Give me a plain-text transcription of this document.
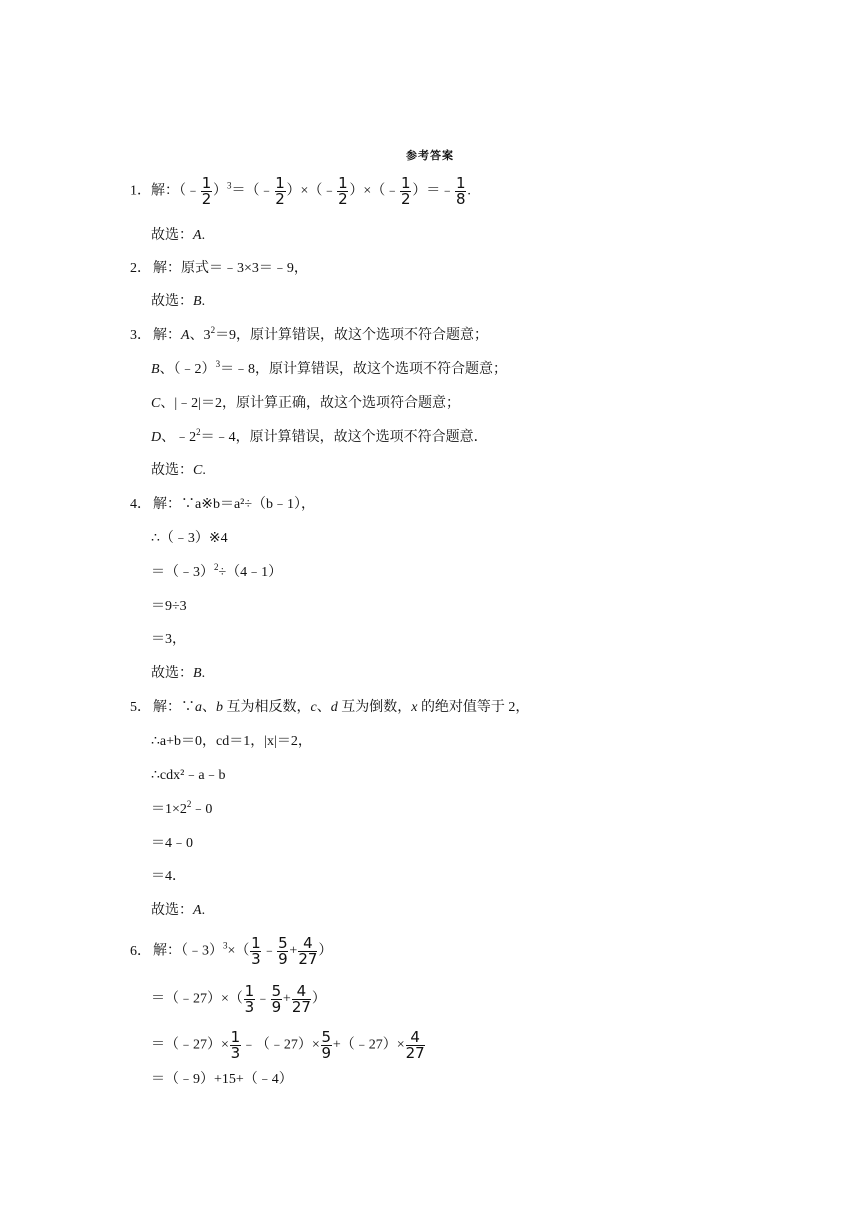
参考答案
1．解：（﹣ $\frac{1}{2}$ ）$^3$＝（﹣ $\frac{1}{2}$ ）×（﹣ $\frac{1}{2}$ ）×（﹣ $\frac{1}{2}$ ）＝﹣ $\frac{1}{8}$ .
故选：A.
2． 解：原式＝﹣3×3＝﹣9，
故选：B.
3． 解：A、$3^2=9$，原计算错误，故这个选项不符合题意；
B、（﹣2）$^3$＝﹣8，原计算错误，故这个选项不符合题意；
C、|﹣2|＝2，原计算正确，故这个选项符合题意；
D、$﹣2^2=﹣4$，原计算错误，故这个选项不符合题意．
故选：C.
4． 解：∵a※b＝a²÷（b﹣1），
∴（﹣3）※4
＝（﹣3）$^2$÷（4﹣1）
＝9÷3
＝3，
故选：B.
5． 解：∵a、b 互为相反数，c、d 互为倒数，x 的绝对值等于 2，
∴a+b＝0，cd＝1，|x|＝2，
∴cdx²﹣a﹣b
$=1\times 2^2﹣0$
＝4﹣0
＝4．
故选：A.
6． 解：（﹣3）$^3$×（ $\frac{1}{3}$ ﹣ $\frac{5}{9} + \frac{4}{27}$ ）
＝（﹣27）×（ $\frac{1}{3}$ ﹣ $\frac{5}{9} + \frac{4}{27}$ ）
＝（﹣27）× $\frac{1}{3}$ ﹣（﹣27）× $\frac{5}{9}$ +（﹣27）× $\frac{4}{27}$
＝（﹣9）+15+（﹣4）
